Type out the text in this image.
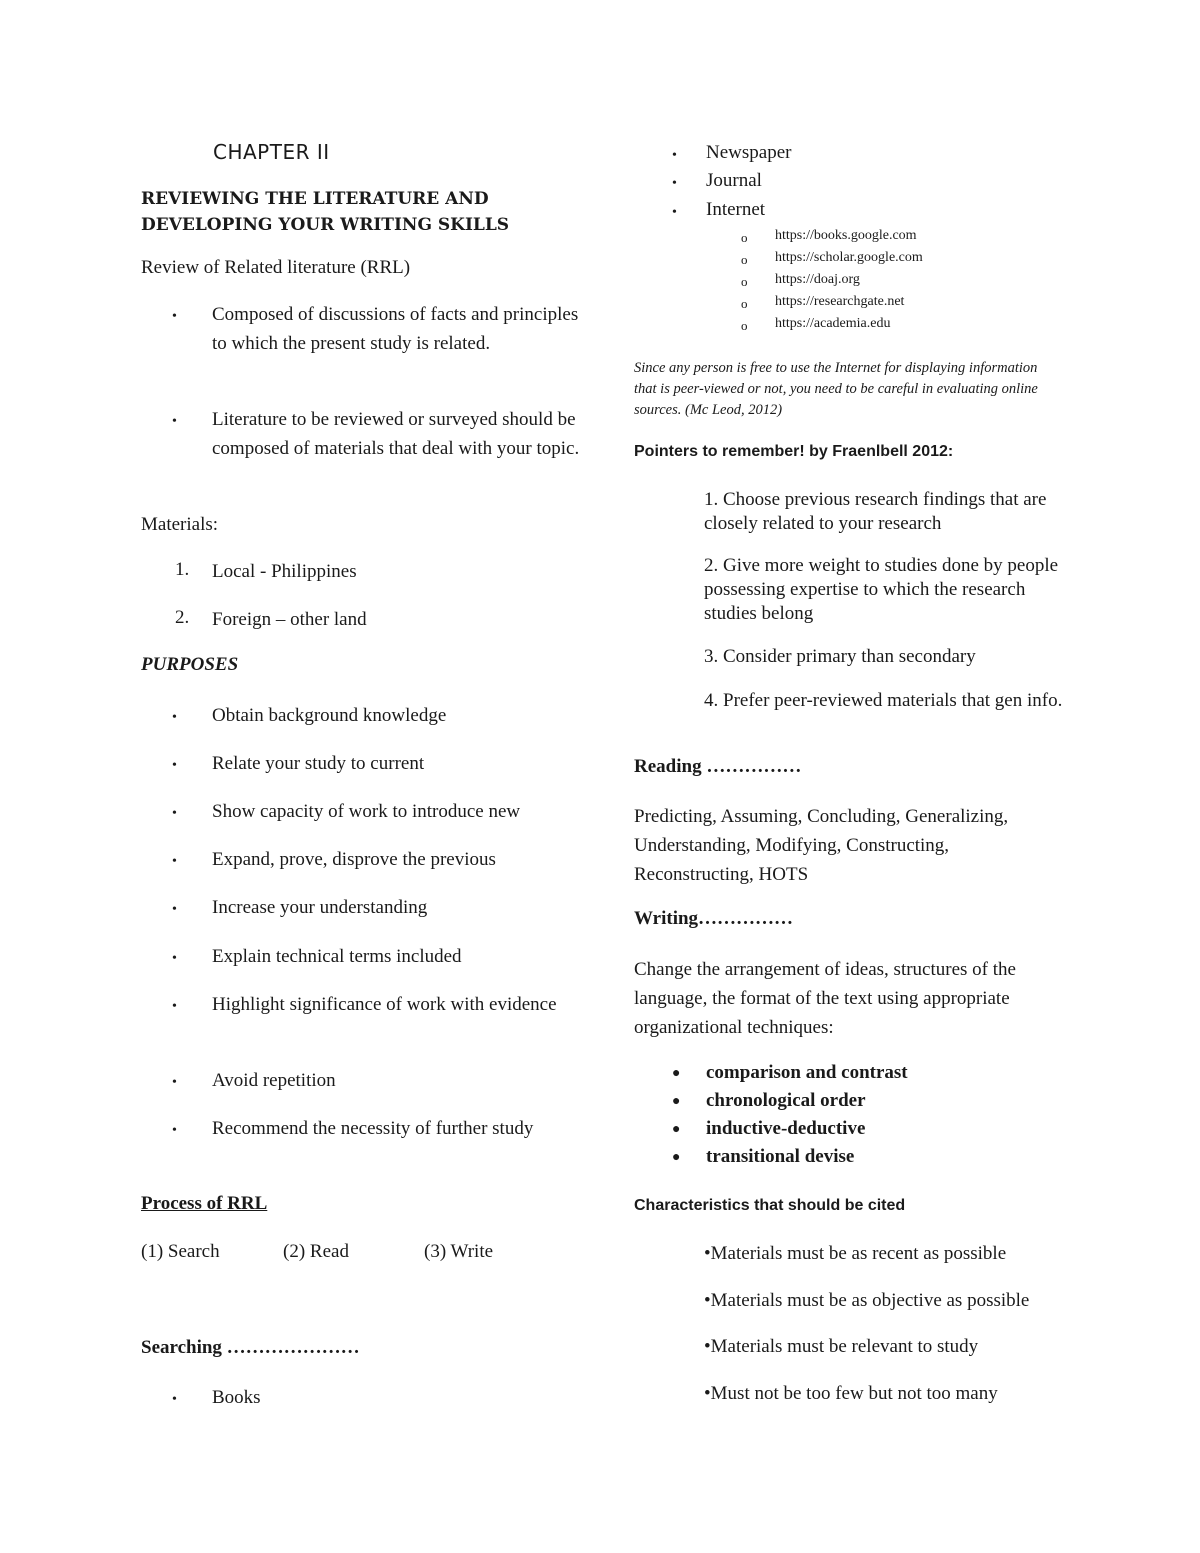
CHAPTER II
REVIEWING THE LITERATURE AND
DEVELOPING YOUR WRITING SKILLS
Review of Related literature (RRL)
• Composed of discussions of facts and principles to which the present study is related.
• Literature to be reviewed or surveyed should be composed of materials that deal with your topic.
Materials:
1. Local - Philippines
2. Foreign – other land
PURPOSES
• Obtain background knowledge
• Relate your study to current
• Show capacity of work to introduce new
• Expand, prove, disprove the previous
• Increase your understanding
• Explain technical terms included
• Highlight significance of work with evidence
• Avoid repetition
• Recommend the necessity of further study
Process of RRL
(1) Search	(2) Read	(3) Write
Searching …………………
• Books
• Newspaper
• Journal
• Internet
o https://books.google.com
o https://scholar.google.com
o https://doaj.org
o https://researchgate.net
o https://academia.edu
Since any person is free to use the Internet for displaying information that is peer-viewed or not, you need to be careful in evaluating online sources. (Mc Leod, 2012)
Pointers to remember! by Fraenlbell 2012:
1. Choose previous research findings that are closely related to your research
2. Give more weight to studies done by people possessing expertise to which the research studies belong
3. Consider primary than secondary
4. Prefer peer-reviewed materials that gen info.
Reading ……………
Predicting, Assuming, Concluding, Generalizing, Understanding, Modifying, Constructing, Reconstructing, HOTS
Writing……………
Change the arrangement of ideas, structures of the language, the format of the text using appropriate organizational techniques:
● comparison and contrast
● chronological order
● inductive-deductive
● transitional devise
Characteristics that should be cited
•Materials must be as recent as possible
•Materials must be as objective as possible
•Materials must be relevant to study
•Must not be too few but not too many
